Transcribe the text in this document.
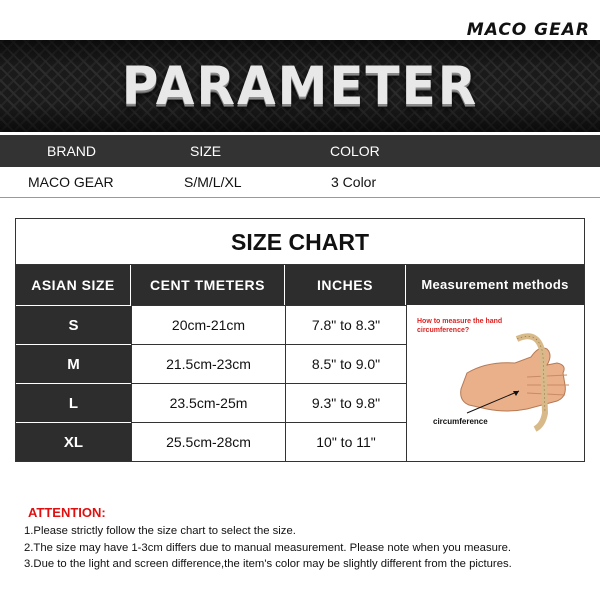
MACO GEAR
PARAMETER
BRAND	SIZE	COLOR
MACO GEAR	S/M/L/XL	3 Color
SIZE CHART
ASIAN SIZE	CENT TMETERS	INCHES	Measurement methods
S	20cm-21cm	7.8" to 8.3"
M	21.5cm-23cm	8.5" to 9.0"
L	23.5cm-25m	9.3" to 9.8"
XL	25.5cm-28cm	10" to 11"
How to measure the hand circumference?
circumference
ATTENTION:
1.Please strictly follow the size chart to select the size.
2.The size may have 1-3cm differs due to manual measurement. Please note when you measure.
3.Due to the light and screen difference,the item's color may be slightly different from the pictures.
